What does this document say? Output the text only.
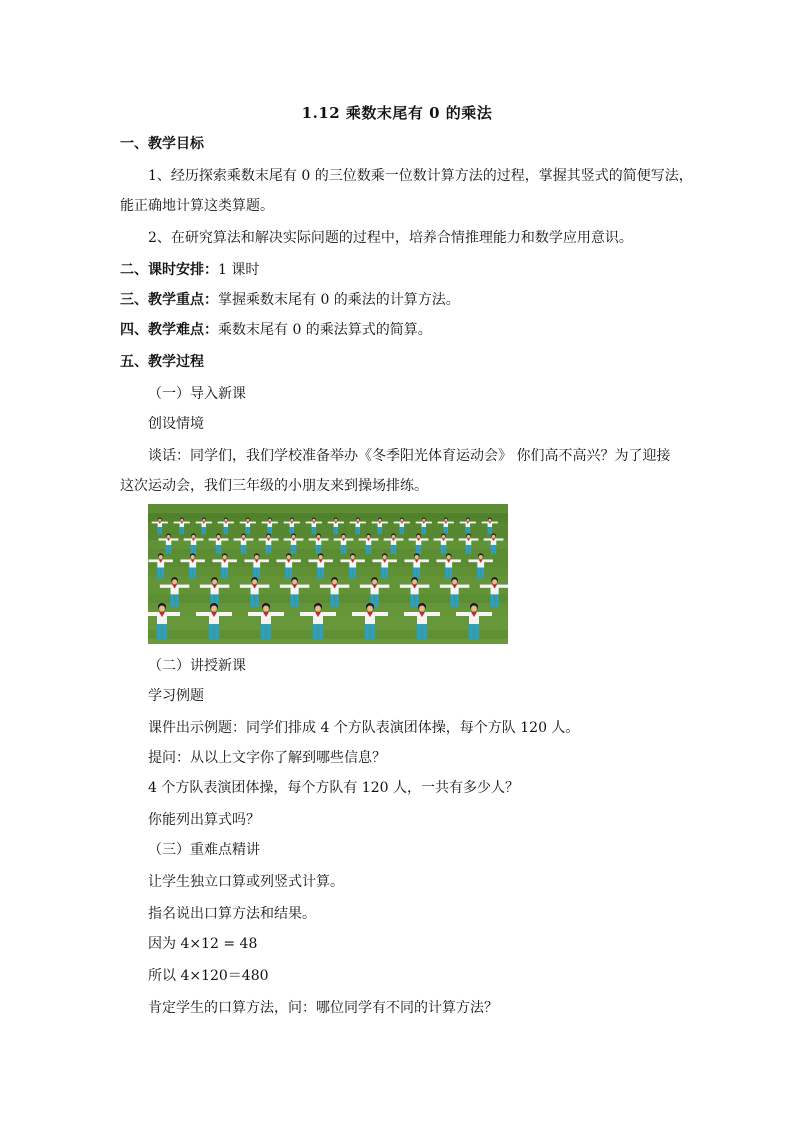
1.12 乘数末尾有 0 的乘法
一、教学目标
1、经历探索乘数末尾有 0 的三位数乘一位数计算方法的过程，掌握其竖式的简便写法，
能正确地计算这类算题。
2、在研究算法和解决实际问题的过程中，培养合情推理能力和数学应用意识。
二、课时安排：1 课时
三、教学重点：掌握乘数末尾有 0 的乘法的计算方法。
四、教学难点：乘数末尾有 0 的乘法算式的简算。
五、教学过程
（一）导入新课
创设情境
谈话：同学们，我们学校准备举办《冬季阳光体育运动会》 你们高不高兴？为了迎接
这次运动会，我们三年级的小朋友来到操场排练。
（二）讲授新课
学习例题
课件出示例题：同学们排成 4 个方队表演团体操，每个方队 120 人。
提问：从以上文字你了解到哪些信息？
4 个方队表演团体操，每个方队有 120 人，一共有多少人？
你能列出算式吗？
（三）重难点精讲
让学生独立口算或列竖式计算。
指名说出口算方法和结果。
因为 4×12 = 48
所以 4×120＝480
肯定学生的口算方法，问：哪位同学有不同的计算方法？
